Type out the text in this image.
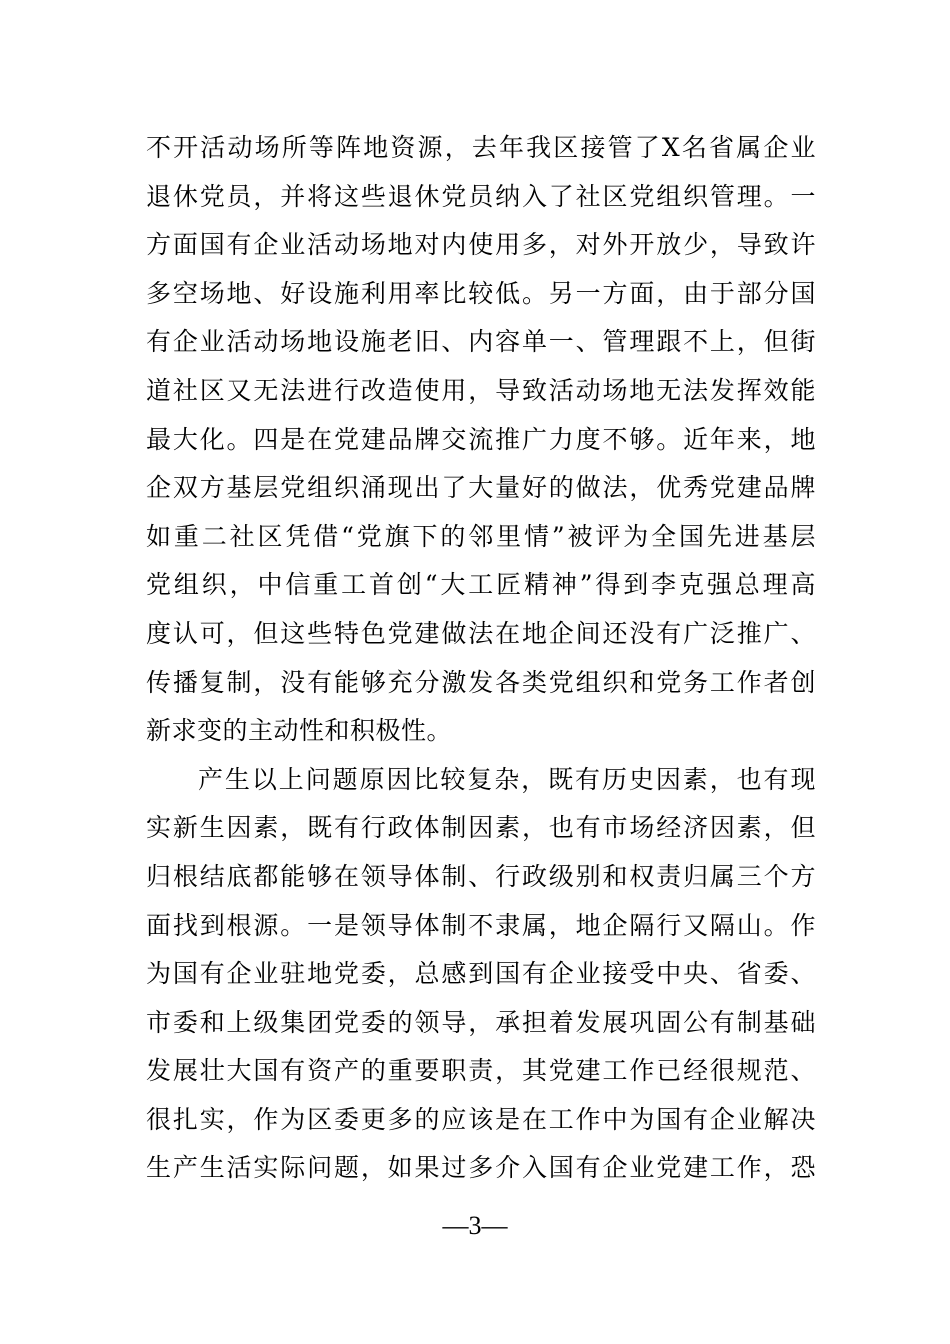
不开活动场所等阵地资源，去年我区接管了X名省属企业
退休党员，并将这些退休党员纳入了社区党组织管理。一
方面国有企业活动场地对内使用多，对外开放少，导致许
多空场地、好设施利用率比较低。另一方面，由于部分国
有企业活动场地设施老旧、内容单一、管理跟不上，但街
道社区又无法进行改造使用，导致活动场地无法发挥效能
最大化。四是在党建品牌交流推广力度不够。近年来，地
企双方基层党组织涌现出了大量好的做法，优秀党建品牌
如重二社区凭借“党旗下的邻里情”被评为全国先进基层
党组织，中信重工首创“大工匠精神”得到李克强总理高
度认可，但这些特色党建做法在地企间还没有广泛推广、
传播复制，没有能够充分激发各类党组织和党务工作者创
新求变的主动性和积极性。
产生以上问题原因比较复杂，既有历史因素，也有现
实新生因素，既有行政体制因素，也有市场经济因素，但
归根结底都能够在领导体制、行政级别和权责归属三个方
面找到根源。一是领导体制不隶属，地企隔行又隔山。作
为国有企业驻地党委，总感到国有企业接受中央、省委、
市委和上级集团党委的领导，承担着发展巩固公有制基础
发展壮大国有资产的重要职责，其党建工作已经很规范、
很扎实，作为区委更多的应该是在工作中为国有企业解决
生产生活实际问题，如果过多介入国有企业党建工作，恐
—3—
